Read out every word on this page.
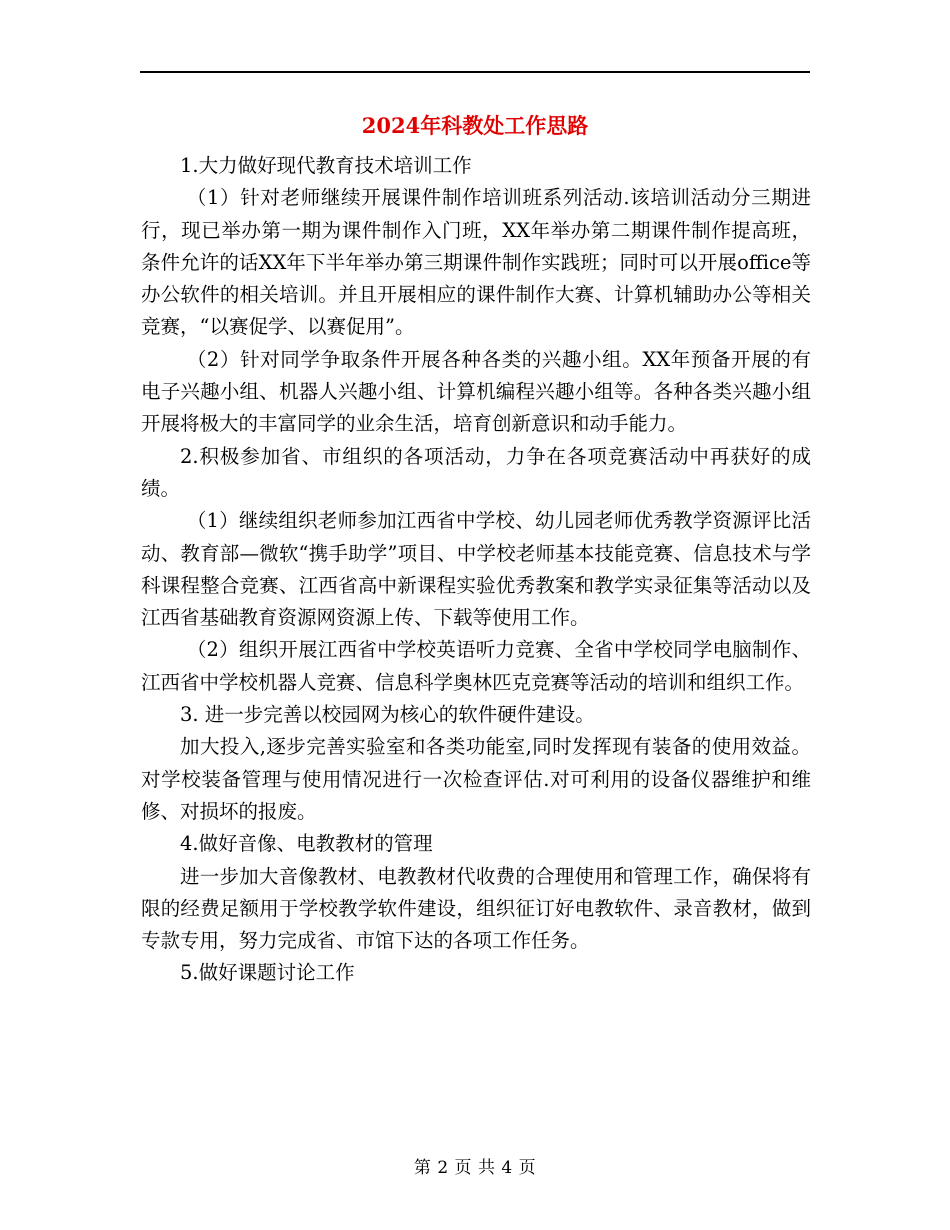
2024年科教处工作思路

1.大力做好现代教育技术培训工作

（1）针对老师继续开展课件制作培训班系列活动.该培训活动分三期进行，现已举办第一期为课件制作入门班，XX年举办第二期课件制作提高班，条件允许的话XX年下半年举办第三期课件制作实践班；同时可以开展office等办公软件的相关培训。并且开展相应的课件制作大赛、计算机辅助办公等相关竞赛，“以赛促学、以赛促用”。

（2）针对同学争取条件开展各种各类的兴趣小组。XX年预备开展的有电子兴趣小组、机器人兴趣小组、计算机编程兴趣小组等。各种各类兴趣小组开展将极大的丰富同学的业余生活，培育创新意识和动手能力。

2.积极参加省、市组织的各项活动，力争在各项竞赛活动中再获好的成绩。

（1）继续组织老师参加江西省中学校、幼儿园老师优秀教学资源评比活动、教育部—微软“携手助学”项目、中学校老师基本技能竞赛、信息技术与学科课程整合竞赛、江西省高中新课程实验优秀教案和教学实录征集等活动以及江西省基础教育资源网资源上传、下载等使用工作。

（2）组织开展江西省中学校英语听力竞赛、全省中学校同学电脑制作、江西省中学校机器人竞赛、信息科学奥林匹克竞赛等活动的培训和组织工作。

3. 进一步完善以校园网为核心的软件硬件建设。

加大投入,逐步完善实验室和各类功能室,同时发挥现有装备的使用效益。对学校装备管理与使用情况进行一次检查评估.对可利用的设备仪器维护和维修、对损坏的报废。

4.做好音像、电教教材的管理

进一步加大音像教材、电教教材代收费的合理使用和管理工作，确保将有限的经费足额用于学校教学软件建设，组织征订好电教软件、录音教材，做到专款专用，努力完成省、市馆下达的各项工作任务。

5.做好课题讨论工作

第 2 页 共 4 页
